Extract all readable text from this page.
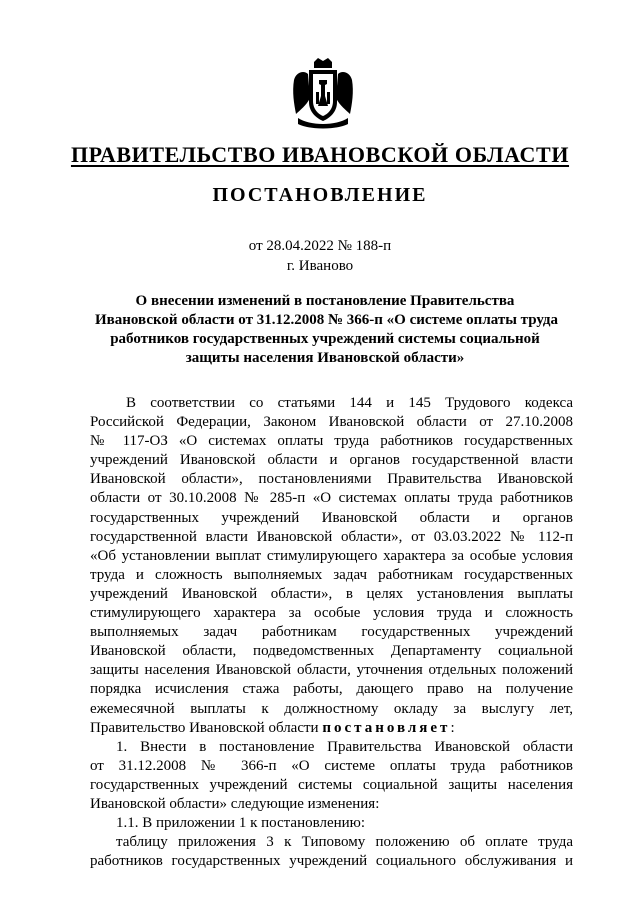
ПРАВИТЕЛЬСТВО ИВАНОВСКОЙ ОБЛАСТИ
ПОСТАНОВЛЕНИЕ
от 28.04.2022 № 188-п
г. Иваново
О внесении изменений в постановление Правительства
Ивановской области от 31.12.2008 № 366-п «О системе оплаты труда
работников государственных учреждений системы социальной
защиты населения Ивановской области»
В соответствии со статьями 144 и 145 Трудового кодекса
Российской Федерации, Законом Ивановской области от 27.10.2008
№ 117-ОЗ «О системах оплаты труда работников государственных
учреждений Ивановской области и органов государственной власти
Ивановской области», постановлениями Правительства Ивановской
области от 30.10.2008 № 285-п «О системах оплаты труда работников
государственных учреждений Ивановской области и органов
государственной власти Ивановской области», от 03.03.2022 № 112-п
«Об установлении выплат стимулирующего характера за особые условия
труда и сложность выполняемых задач работникам государственных
учреждений Ивановской области», в целях установления выплаты
стимулирующего характера за особые условия труда и сложность
выполняемых задач работникам государственных учреждений
Ивановской области, подведомственных Департаменту социальной
защиты населения Ивановской области, уточнения отдельных положений
порядка исчисления стажа работы, дающего право на получение
ежемесячной выплаты к должностному окладу за выслугу лет,
Правительство Ивановской области постановляет:
1. Внести в постановление Правительства Ивановской области
от 31.12.2008 № 366-п «О системе оплаты труда работников
государственных учреждений системы социальной защиты населения
Ивановской области» следующие изменения:
1.1. В приложении 1 к постановлению:
таблицу приложения 3 к Типовому положению об оплате труда
работников государственных учреждений социального обслуживания и
